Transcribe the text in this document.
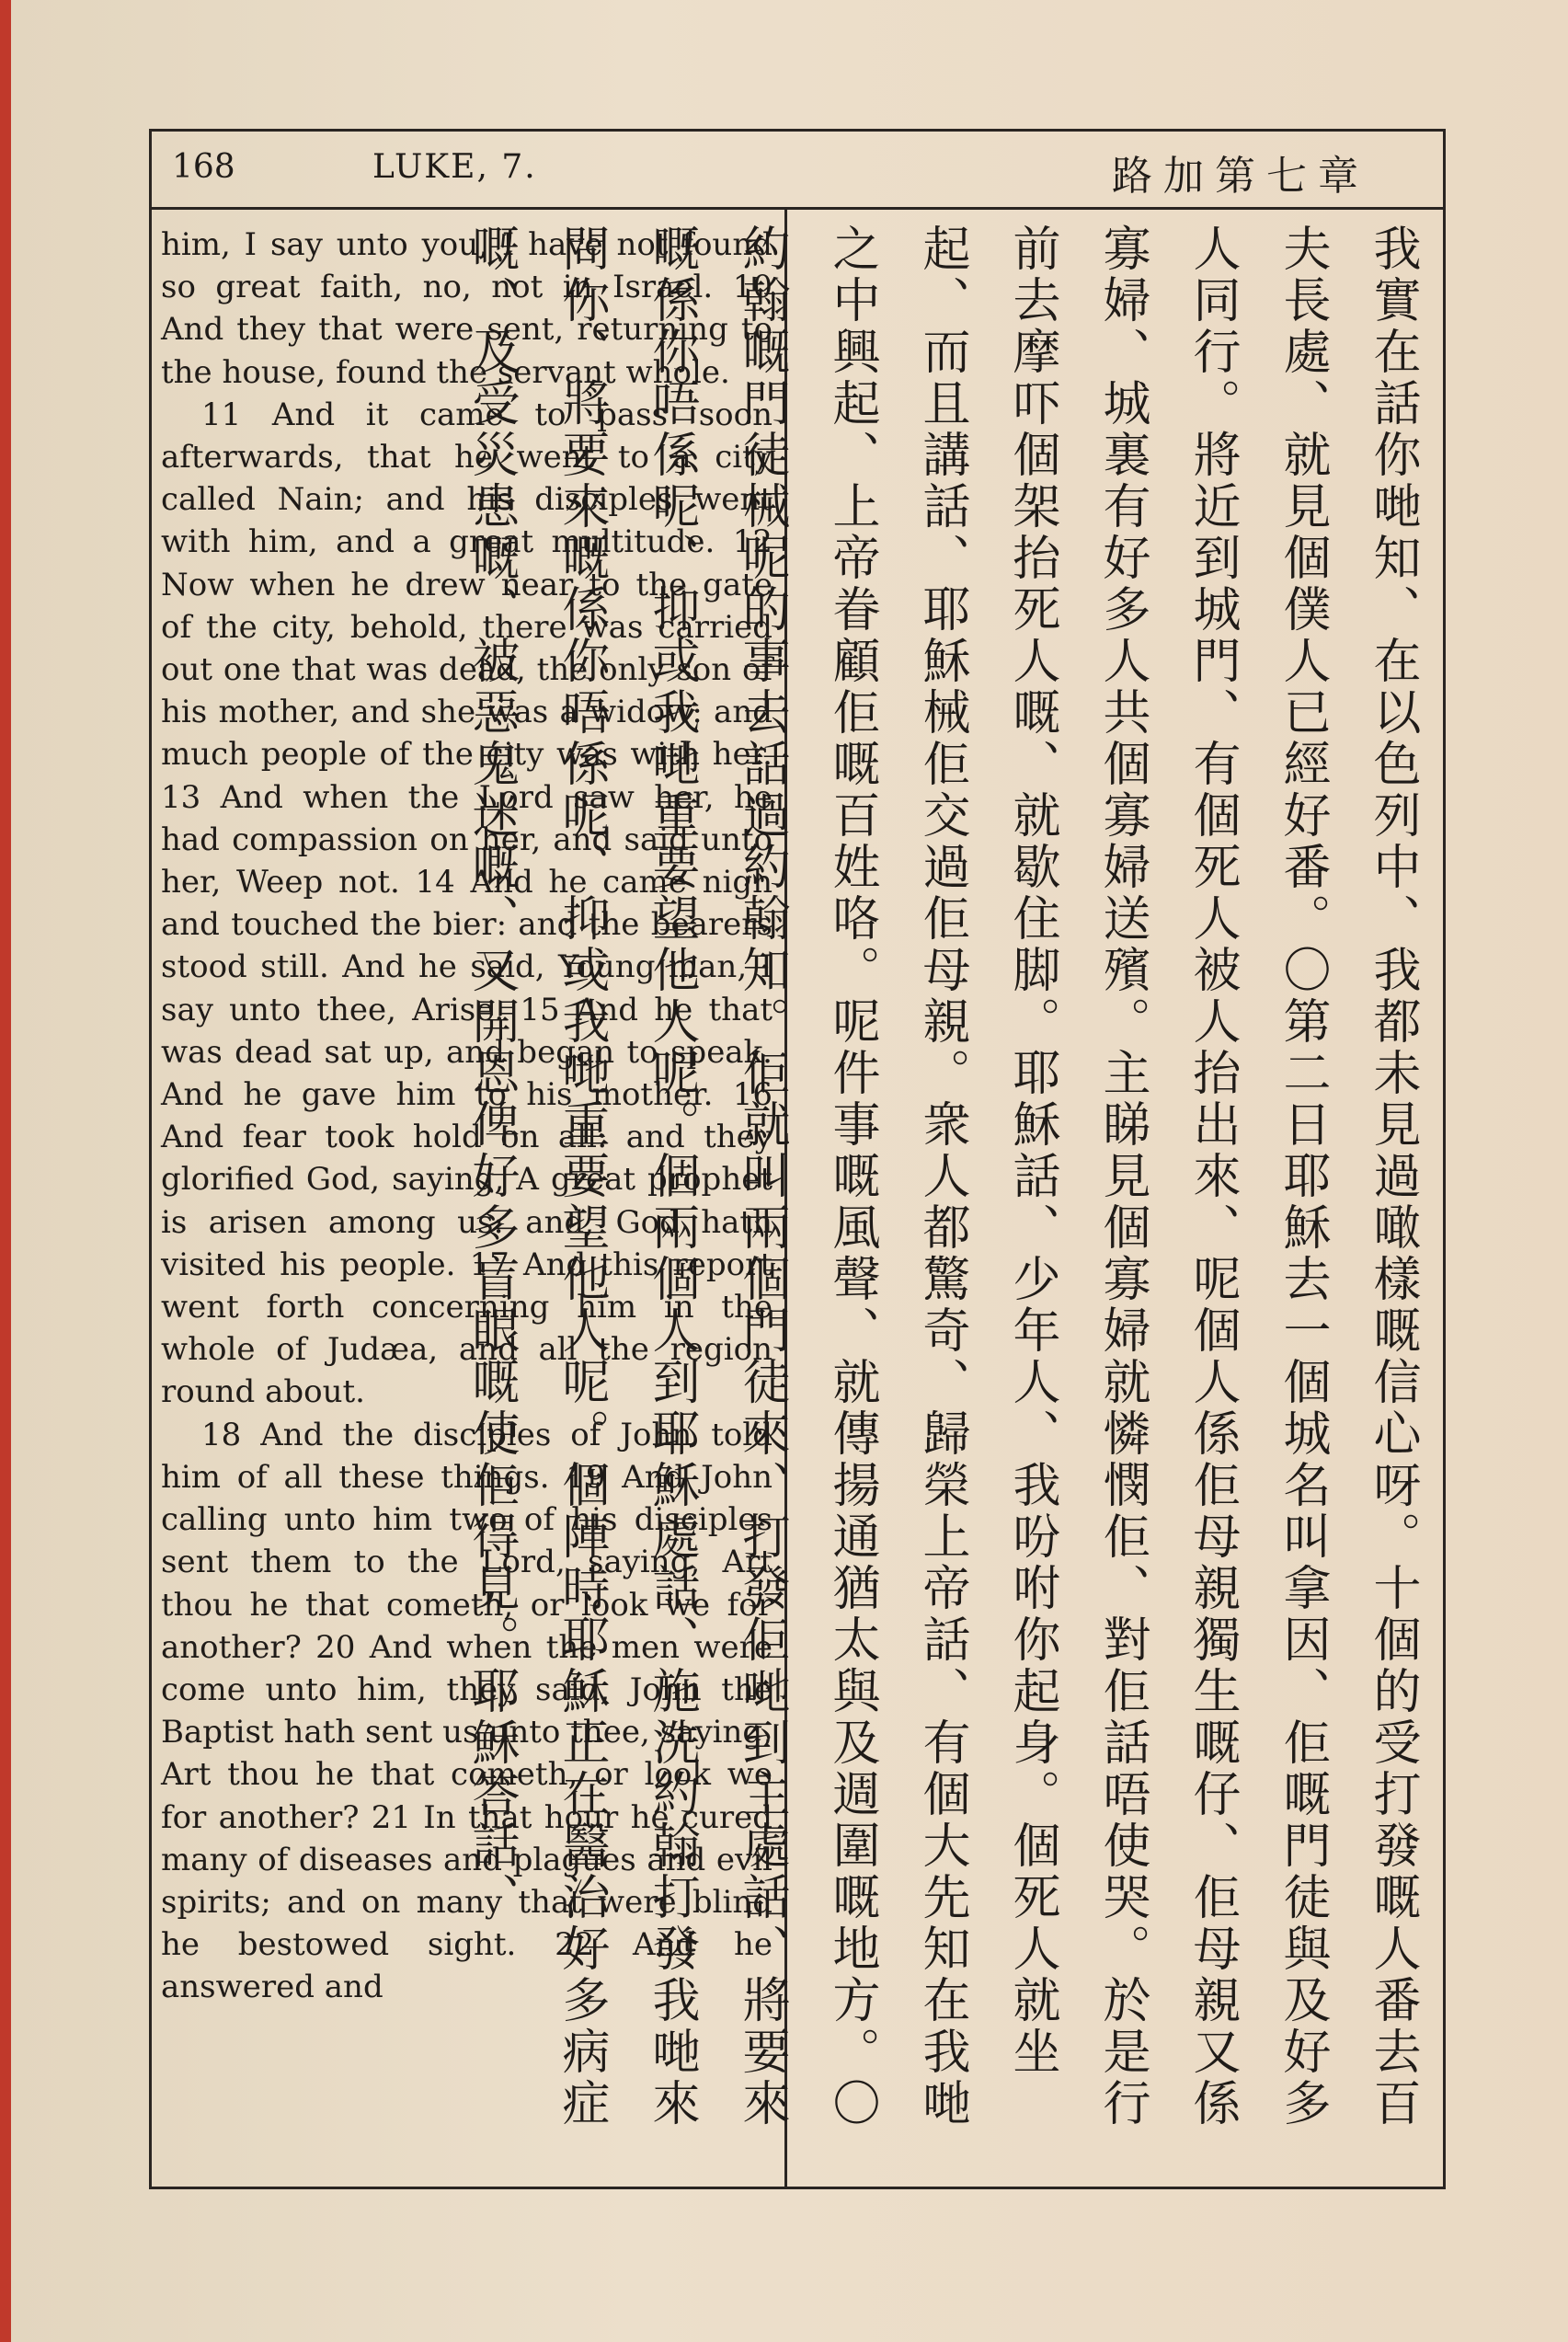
168	LUKE, 7.	路加第七章

him, I say unto you, I have not found so great faith, no, not in Israel. 10 And they that were sent, returning to the house, found the servant whole.

11 And it came to pass soon afterwards, that he went to a city called Nain; and his disciples went with him, and a great multitude. 12 Now when he drew near to the gate of the city, behold, there was carried out one that was dead, the only son of his mother, and she was a widow: and much people of the city was with her. 13 And when the Lord saw her, he had compassion on her, and said unto her, Weep not. 14 And he came nigh and touched the bier: and the bearers stood still. And he said, Young man, I say unto thee, Arise. 15 And he that was dead sat up, and began to speak. And he gave him to his mother. 16 And fear took hold on all: and they glorified God, saying, A great prophet is arisen among us: and, God hath visited his people. 17 And this report went forth concerning him in the whole of Judæa, and all the region round about.

18 And the disciples of John told him of all these things. 19 And John calling unto him two of his disciples sent them to the Lord, saying, Art thou he that cometh, or look we for another? 20 And when the men were come unto him, they said, John the Baptist hath sent us unto thee, saying, Art thou he that cometh, or look we for another? 21 In that hour he cured many of diseases and plagues and evil spirits; and on many that were blind he bestowed sight. 22 And he answered and	我實在話你哋知、在以色列中、我都未見過噉樣嘅信心呀。十個的受打發嘅人番去百夫長處、就見個僕人已經好番。〇第二日耶穌去一個城名叫拿因、佢嘅門徒與及好多人同行。將近到城門、有個死人被人抬出來、呢個人係佢母親獨生嘅仔、佢母親又係寡婦、城裏有好多人共個寡婦送殯。主睇見個寡婦就憐憫佢、對佢話唔使哭。於是行前去摩吓個架抬死人嘅、就歇住脚。耶穌話、少年人、我吩咐你起身。個死人就坐起、而且講話、耶穌械佢交過佢母親。衆人都驚奇、歸榮上帝話、有個大先知在我哋之中興起、上帝眷顧佢嘅百姓咯。呢件事嘅風聲、就傳揚通猶太與及週圍嘅地方。〇約翰嘅門徒械呢的事去話過約翰知。佢就叫兩個門徒來、打發佢哋到主處話、將要來嘅係你唔係呢、抑或我哋重要望他人呢。個兩個人到耶穌處話、施洗約翰打發我哋來問你、將要來嘅係你唔係呢、抑或我哋重要望他人呢。個陣時耶穌正在醫治好多病症嘅、及受災患嘅、被惡鬼迷嘅、又開恩俾好多盲眼嘅使佢得見。耶穌答話、
